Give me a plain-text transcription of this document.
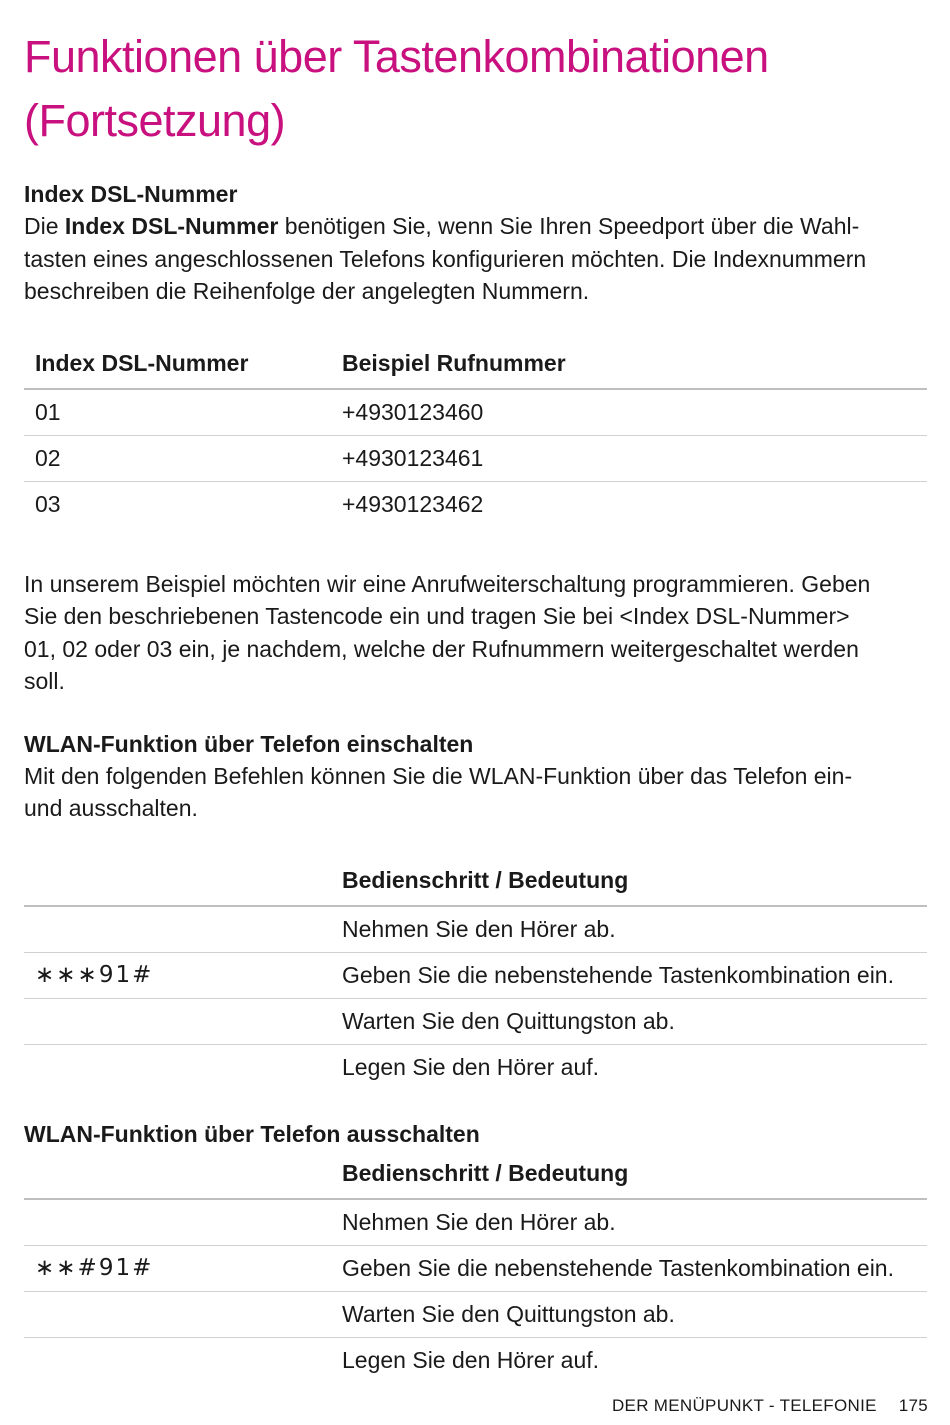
Funktionen über Tastenkombinationen
(Fortsetzung)
Index DSL-Nummer

Die Index DSL-Nummer benötigen Sie, wenn Sie Ihren Speedport über die Wahl-
tasten eines angeschlossenen Telefons konfigurieren möchten. Die Indexnummern
beschreiben die Reihenfolge der angelegten Nummern.

Index DSL-Nummer	Beispiel Rufnummer
01	+4930123460
02	+4930123461
03	+4930123462

In unserem Beispiel möchten wir eine Anrufweiterschaltung programmieren. Geben
Sie den beschriebenen Tastencode ein und tragen Sie bei <Index DSL-Nummer>
01, 02 oder 03 ein, je nachdem, welche der Rufnummern weitergeschaltet werden
soll.

WLAN-Funktion über Telefon einschalten

Mit den folgenden Befehlen können Sie die WLAN-Funktion über das Telefon ein-
und ausschalten.

	Bedienschritt / Bedeutung
	Nehmen Sie den Hörer ab.
∗∗∗91#	Geben Sie die nebenstehende Tastenkombination ein.
	Warten Sie den Quittungston ab.
	Legen Sie den Hörer auf.
WLAN-Funktion über Telefon ausschalten
	Bedienschritt / Bedeutung
	Nehmen Sie den Hörer ab.
∗∗#91#	Geben Sie die nebenstehende Tastenkombination ein.
	Warten Sie den Quittungston ab.
	Legen Sie den Hörer auf.
DER MENÜPUNKT - TELEFONIE 175
